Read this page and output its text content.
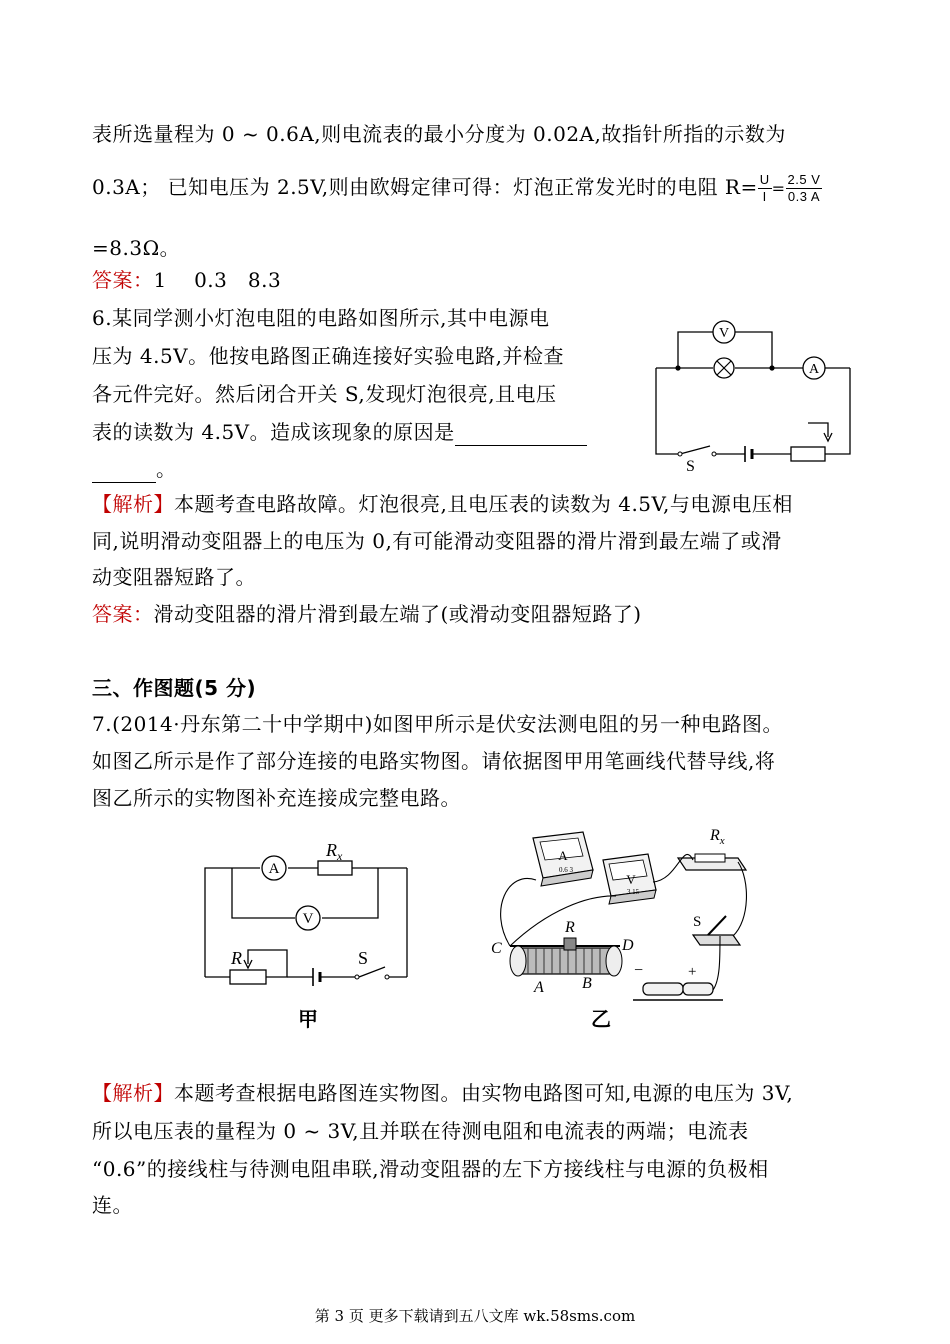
表所选量程为 0 ~ 0.6A,则电流表的最小分度为 0.02A,故指针所指的示数为
0.3A； 已知电压为 2.5V,则由欧姆定律可得：灯泡正常发光时的电阻 $R= \frac{U}{I} = \frac{2.5 V}{0.3 A}$
=8.3Ω。
答案：1　 0.3　8.3
6.某同学测小灯泡电阻的电路如图所示,其中电源电
压为 4.5V。他按电路图正确连接好实验电路,并检查
各元件完好。然后闭合开关 S,发现灯泡很亮,且电压
表的读数为 4.5V。造成该现象的原因是
。
V
A
S
【解析】本题考查电路故障。灯泡很亮,且电压表的读数为 4.5V,与电源电压相
同,说明滑动变阻器上的电压为 0,有可能滑动变阻器的滑片滑到最左端了或滑
动变阻器短路了。
答案：滑动变阻器的滑片滑到最左端了(或滑动变阻器短路了)
三、作图题(5 分)
7.(2014·丹东第二十中学期中)如图甲所示是伏安法测电阻的另一种电路图。
如图乙所示是作了部分连接的电路实物图。请依据图甲用笔画线代替导线,将
图乙所示的实物图补充连接成完整电路。
A
V
$R_x$
R	S
甲
A
0.6 3
V
3 15
$R_x$
S
−	+
R
C	D
A B
乙
【解析】本题考查根据电路图连实物图。由实物电路图可知,电源的电压为 3V,
所以电压表的量程为 0 ~ 3V,且并联在待测电阻和电流表的两端；电流表
“0.6”的接线柱与待测电阻串联,滑动变阻器的左下方接线柱与电源的负极相
连。
第 3 页 更多下载请到五八文库 wk.58sms.com
